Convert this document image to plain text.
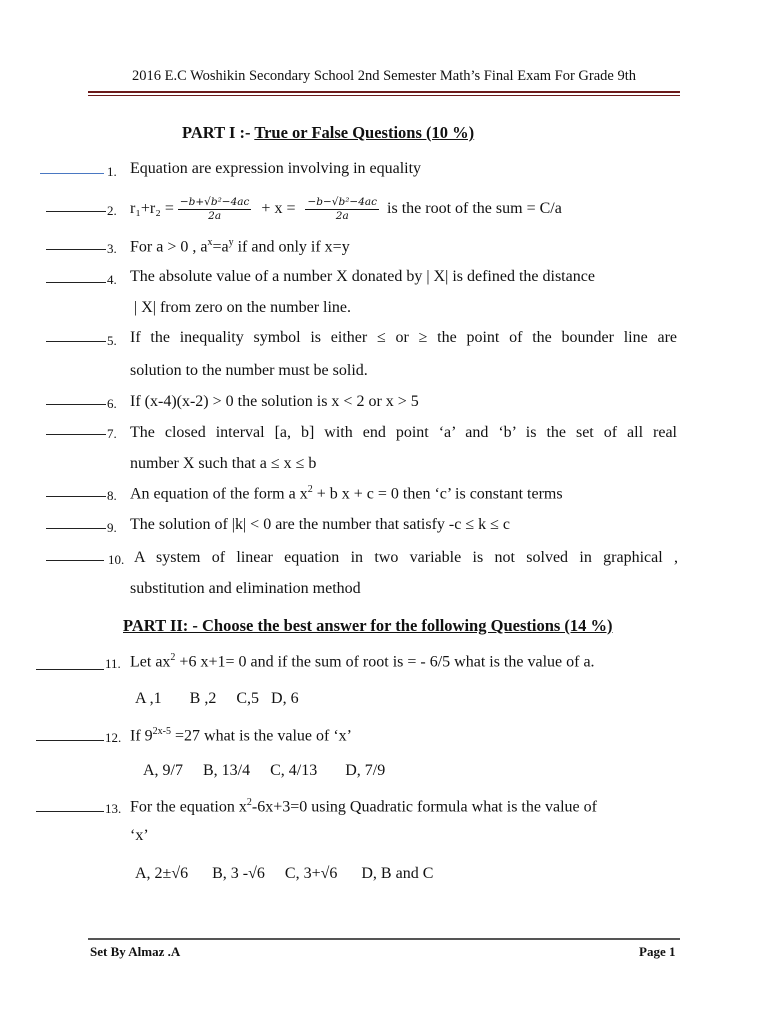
2016 E.C Woshikin Secondary School 2nd Semester Math’s Final Exam For Grade 9th
PART I :- True or False Questions (10 %)
1. Equation are expression involving in equality
2. $r_1+r_2 = \frac{\text{−b+√b²−4ac}}{2a} + x = \frac{\text{−b−√b²−4ac}}{2a}$ is the root of the sum = C/a
3. For a > 0 , $a^x=a^y$ if and only if x=y
4. The absolute value of a number X donated by | X| is defined the distance
| X| from zero on the number line.
5. If the inequality symbol is either ≤ or ≥ the point of the bounder line are
solution to the number must be solid.
6. If (x-4)(x-2) > 0 the solution is x < 2 or x > 5
7. The closed interval [a, b] with end point ‘a’ and ‘b’ is the set of all real
number X such that a ≤ x ≤ b
8. An equation of the form a $x^2 + b$ x + c = 0 then ‘c’ is constant terms
9. The solution of |k| < 0 are the number that satisfy -c ≤ k ≤ c
10. A system of linear equation in two variable is not solved in graphical ,
substitution and elimination method
PART II: - Choose the best answer for the following Questions (14 %)
11. Let $ax^2 +6$ x+1= 0 and if the sum of root is = - 6/5 what is the value of a.
A ,1       B ,2     C,5   D, 6
12. If $9^{2x-5} =27$ what is the value of ‘x’
A, 9/7     B, 13/4     C, 4/13       D, 7/9
13. For the equation $x^2-6x+3=0$ using Quadratic formula what is the value of
‘x’
A, 2±√6      B, 3 -√6     C, 3+√6      D, B and C
Set By Almaz .A	Page 1
